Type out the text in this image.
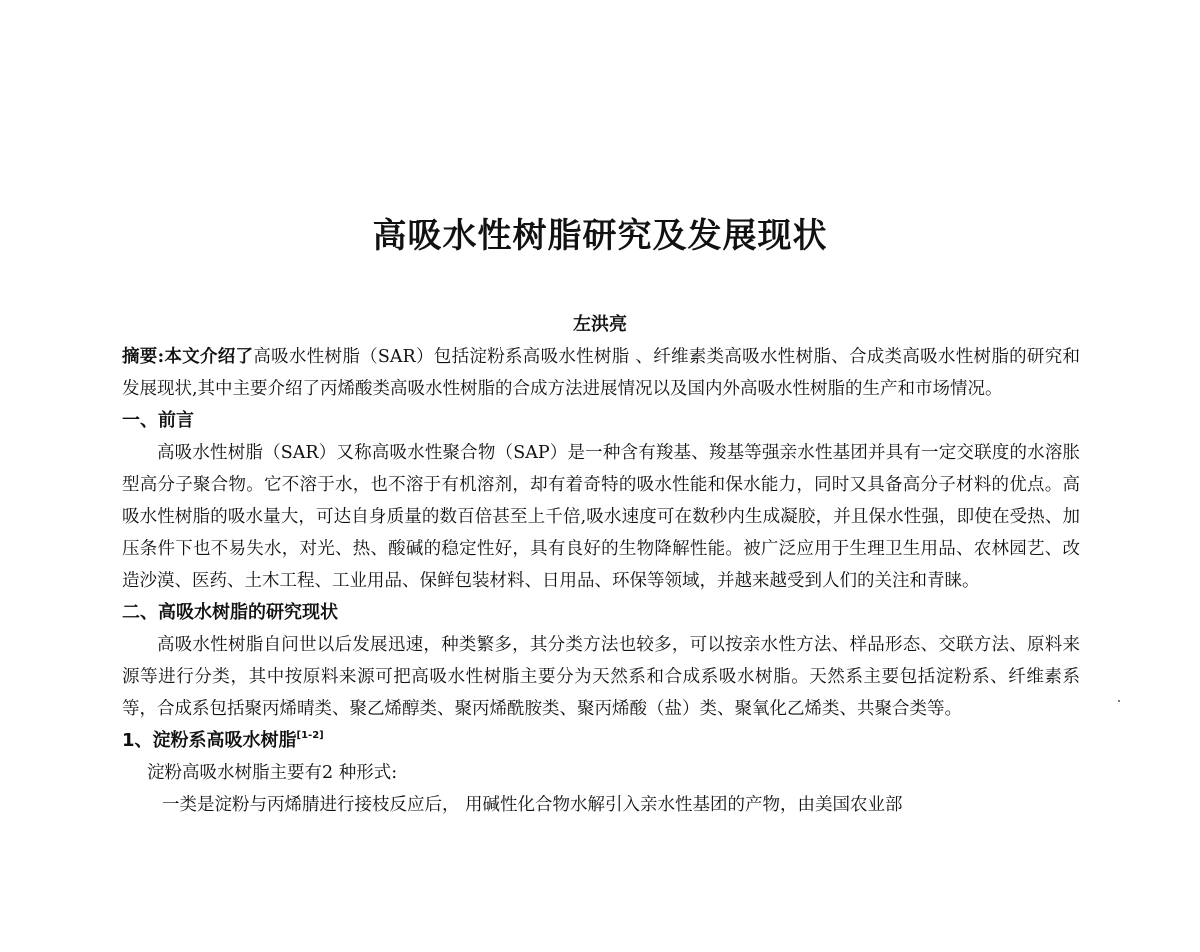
高吸水性树脂研究及发展现状
左洪亮

摘要:本文介绍了高吸水性树脂（SAR）包括淀粉系高吸水性树脂 、纤维素类高吸水性树脂、合成类高吸水性树脂的研究和发展现状,其中主要介绍了丙烯酸类高吸水性树脂的合成方法进展情况以及国内外高吸水性树脂的生产和市场情况。

一、前言

高吸水性树脂（SAR）又称高吸水性聚合物（SAP）是一种含有羧基、羧基等强亲水性基团并具有一定交联度的水溶胀型高分子聚合物。它不溶于水，也不溶于有机溶剂，却有着奇特的吸水性能和保水能力，同时又具备高分子材料的优点。高吸水性树脂的吸水量大，可达自身质量的数百倍甚至上千倍,吸水速度可在数秒内生成凝胶，并且保水性强，即使在受热、加压条件下也不易失水，对光、热、酸碱的稳定性好，具有良好的生物降解性能。被广泛应用于生理卫生用品、农林园艺、改造沙漠、医药、土木工程、工业用品、保鲜包装材料、日用品、环保等领域，并越来越受到人们的关注和青睐。

二、高吸水树脂的研究现状

高吸水性树脂自问世以后发展迅速，种类繁多，其分类方法也较多，可以按亲水性方法、样品形态、交联方法、原料来源等进行分类，其中按原料来源可把高吸水性树脂主要分为天然系和合成系吸水树脂。天然系主要包括淀粉系、纤维素系等，合成系包括聚丙烯晴类、聚乙烯醇类、聚丙烯酰胺类、聚丙烯酸（盐）类、聚氧化乙烯类、共聚合类等。

1、淀粉系高吸水树脂[1-2]

淀粉高吸水树脂主要有2 种形式:

一类是淀粉与丙烯腈进行接枝反应后， 用碱性化合物水解引入亲水性基团的产物，由美国农业部
